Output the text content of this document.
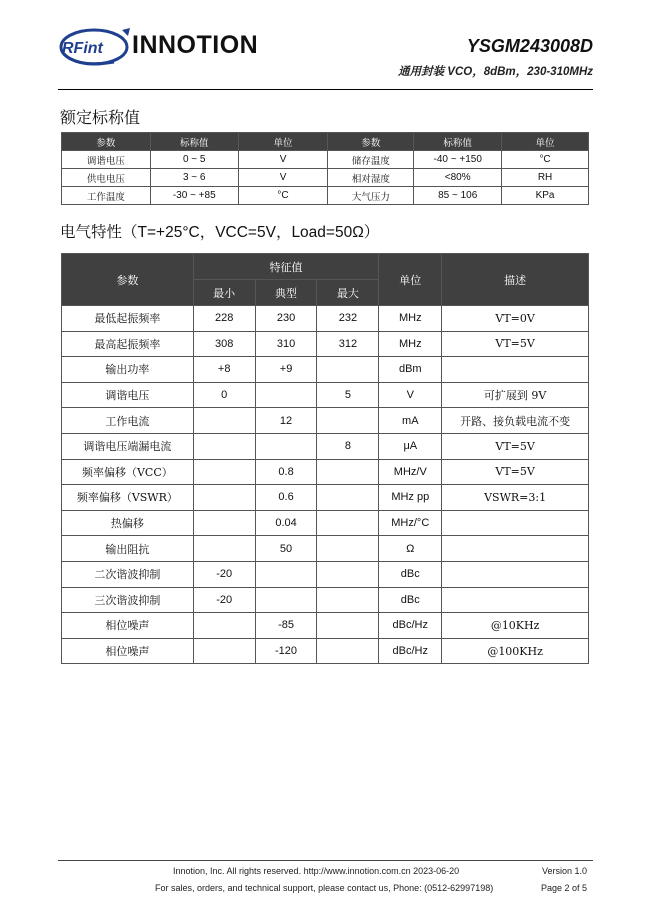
RFint INNOTION	YSGM243008D
通用封装 VCO，8dBm，230-310MHz
额定标称值
参数	标称值	单位	参数	标称值	单位
调谐电压	0 ~ 5	V	储存温度	-40 ~ +150	°C
供电电压	3 ~ 6	V	相对湿度	<80%	RH
工作温度	-30 ~ +85	°C	大气压力	85 ~ 106	KPa
电气特性（T=+25°C，VCC=5V，Load=50Ω）
参数	特征值			单位	描述
	最小	典型	最大		
最低起振频率	228	230	232	MHz	VT=0V
最高起振频率	308	310	312	MHz	VT=5V
输出功率	+8	+9		dBm	
调谐电压	0		5	V	可扩展到 9V
工作电流		12		mA	开路、接负载电流不变
调谐电压端漏电流			8	μA	VT=5V
频率偏移（VCC）		0.8		MHz/V	VT=5V
频率偏移（VSWR）		0.6		MHz pp	VSWR=3:1
热偏移		0.04		MHz/°C	
输出阻抗		50		Ω	
二次谐波抑制	-20			dBc	
三次谐波抑制	-20			dBc	
相位噪声		-85		dBc/Hz	@10KHz
相位噪声		-120		dBc/Hz	@100KHz
Innotion, Inc. All rights reserved. http://www.innotion.com.cn 2023-06-20	Version 1.0
For sales, orders, and technical support, please contact us, Phone: (0512-62997198)	Page 2 of 5
